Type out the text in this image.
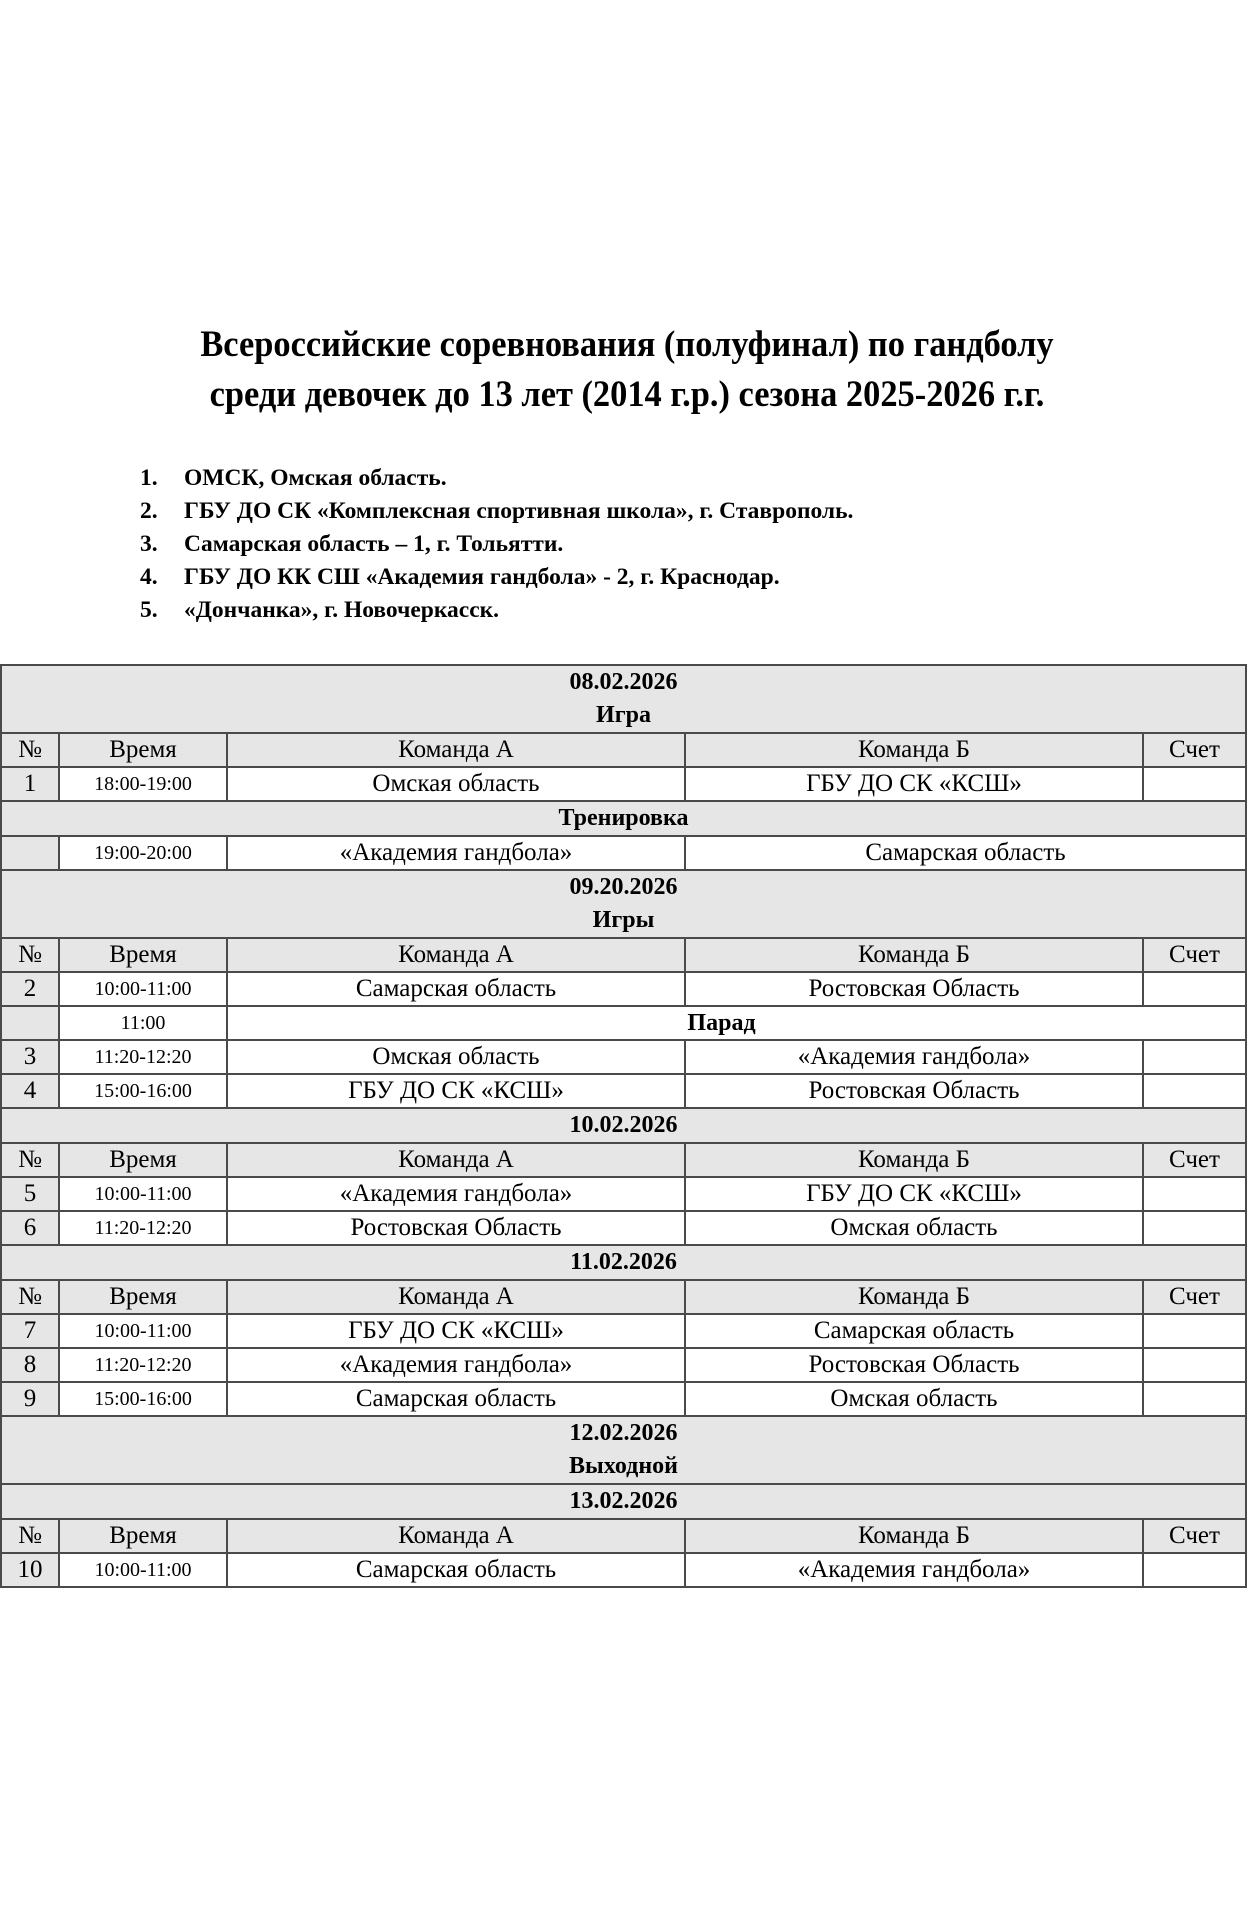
Всероссийские соревнования (полуфинал) по гандболу
среди девочек до 13 лет (2014 г.р.) сезона 2025-2026 г.г.
1. ОМСК, Омская область.
2. ГБУ ДО СК «Комплексная спортивная школа», г. Ставрополь.
3. Самарская область – 1, г. Тольятти.
4. ГБУ ДО КК СШ «Академия гандбола» - 2, г. Краснодар.
5. «Дончанка», г. Новочеркасск.
08.02.2026
Игра				

№	Время	Команда А	Команда Б	Счет
1	18:00-19:00	Омская область	ГБУ ДО СК «КСШ»	
Тренировка				
	19:00-20:00	«Академия гандбола»	Самарская область	

09.20.2026
Игры				

№	Время	Команда А	Команда Б	Счет
2	10:00-11:00	Самарская область	Ростовская Область	
	11:00	Парад		
3	11:20-12:20	Омская область	«Академия гандбола»	
4	15:00-16:00	ГБУ ДО СК «КСШ»	Ростовская Область	
10.02.2026				
№	Время	Команда А	Команда Б	Счет
5	10:00-11:00	«Академия гандбола»	ГБУ ДО СК «КСШ»	
6	11:20-12:20	Ростовская Область	Омская область	
11.02.2026				
№	Время	Команда А	Команда Б	Счет
7	10:00-11:00	ГБУ ДО СК «КСШ»	Самарская область	
8	11:20-12:20	«Академия гандбола»	Ростовская Область	
9	15:00-16:00	Самарская область	Омская область	

12.02.2026
Выходной				

13.02.2026				
№	Время	Команда А	Команда Б	Счет
10	10:00-11:00	Самарская область	«Академия гандбола»	
